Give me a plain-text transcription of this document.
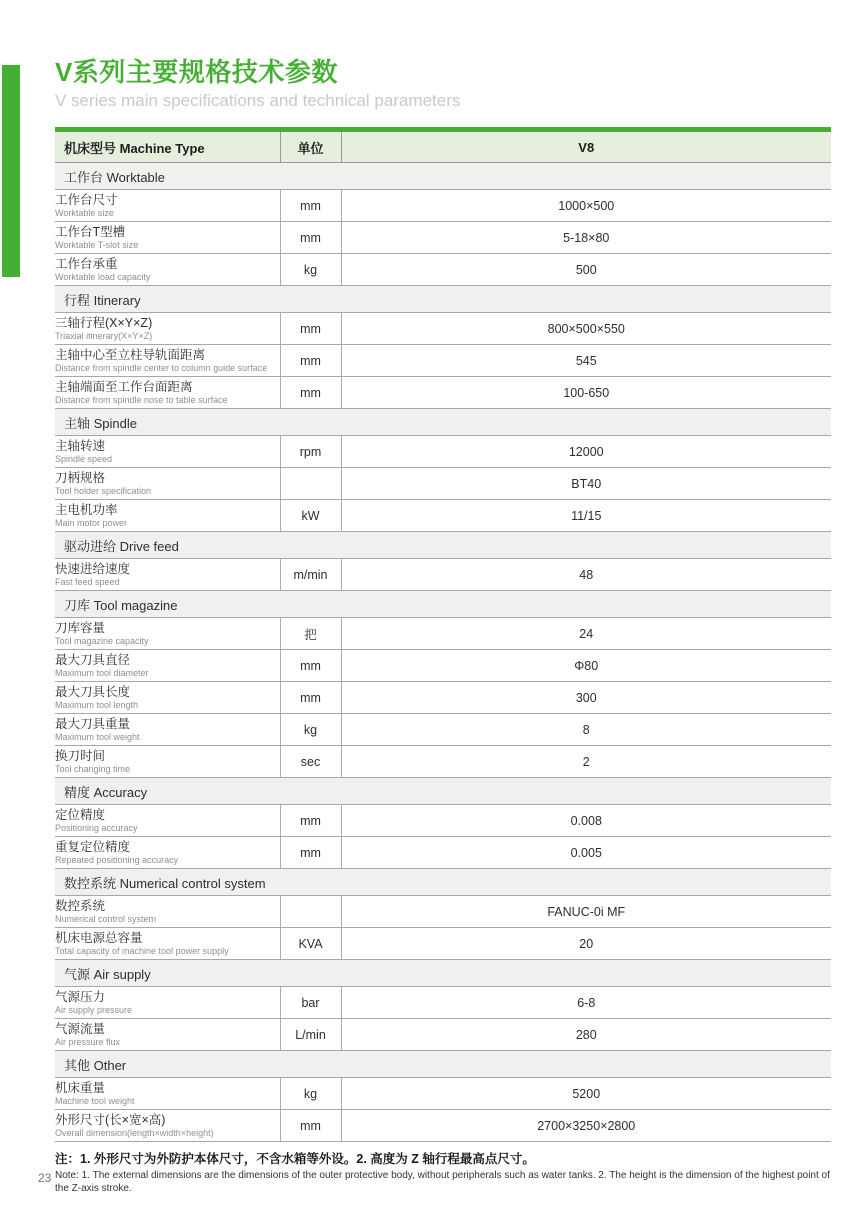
V系列主要规格技术参数
V series main specifications and technical parameters
机床型号 Machine Type	单位	V8
工作台 Worktable		

工作台尺寸
Worktable size	mm	1000×500

工作台T型槽
Worktable T-slot size	mm	5-18×80

工作台承重
Worktable load capacity	kg	500
行程 Itinerary		

三轴行程(X×Y×Z)
Triaxial itinerary(X×Y×Z)	mm	800×500×550

主轴中心至立柱导轨面距离
Distance from spindle center to column guide surface	mm	545

主轴端面至工作台面距离
Distance from spindle nose to table surface	mm	100-650
主轴 Spindle		

主轴转速
Spindle speed	rpm	12000

刀柄规格
Tool holder specification		BT40

主电机功率
Main motor power	kW	11/15
驱动进给 Drive feed		

快速进给速度
Fast feed speed	m/min	48
刀库 Tool magazine		

刀库容量
Tool magazine capacity	把	24

最大刀具直径
Maximum tool diameter	mm	Φ80

最大刀具长度
Maximum tool length	mm	300

最大刀具重量
Maximum tool weight	kg	8

换刀时间
Tool changing time	sec	2
精度 Accuracy		

定位精度
Positioning accuracy	mm	0.008

重复定位精度
Repeated positioning accuracy	mm	0.005
数控系统 Numerical control system		

数控系统
Numerical control system		FANUC-0i MF

机床电源总容量
Total capacity of machine tool power supply	KVA	20
气源 Air supply		

气源压力
Air supply pressure	bar	6-8

气源流量
Air pressure flux	L/min	280
其他 Other		

机床重量
Machine tool weight	kg	5200

外形尺寸(长×宽×高)
Overall dimension(length×width×height)	mm	2700×3250×2800
注：1. 外形尺寸为外防护本体尺寸，不含水箱等外设。2. 高度为 Z 轴行程最高点尺寸。
Note: 1. The external dimensions are the dimensions of the outer protective body, without peripherals such as water tanks. 2. The height is the dimension of the highest point of the Z-axis stroke.
23
